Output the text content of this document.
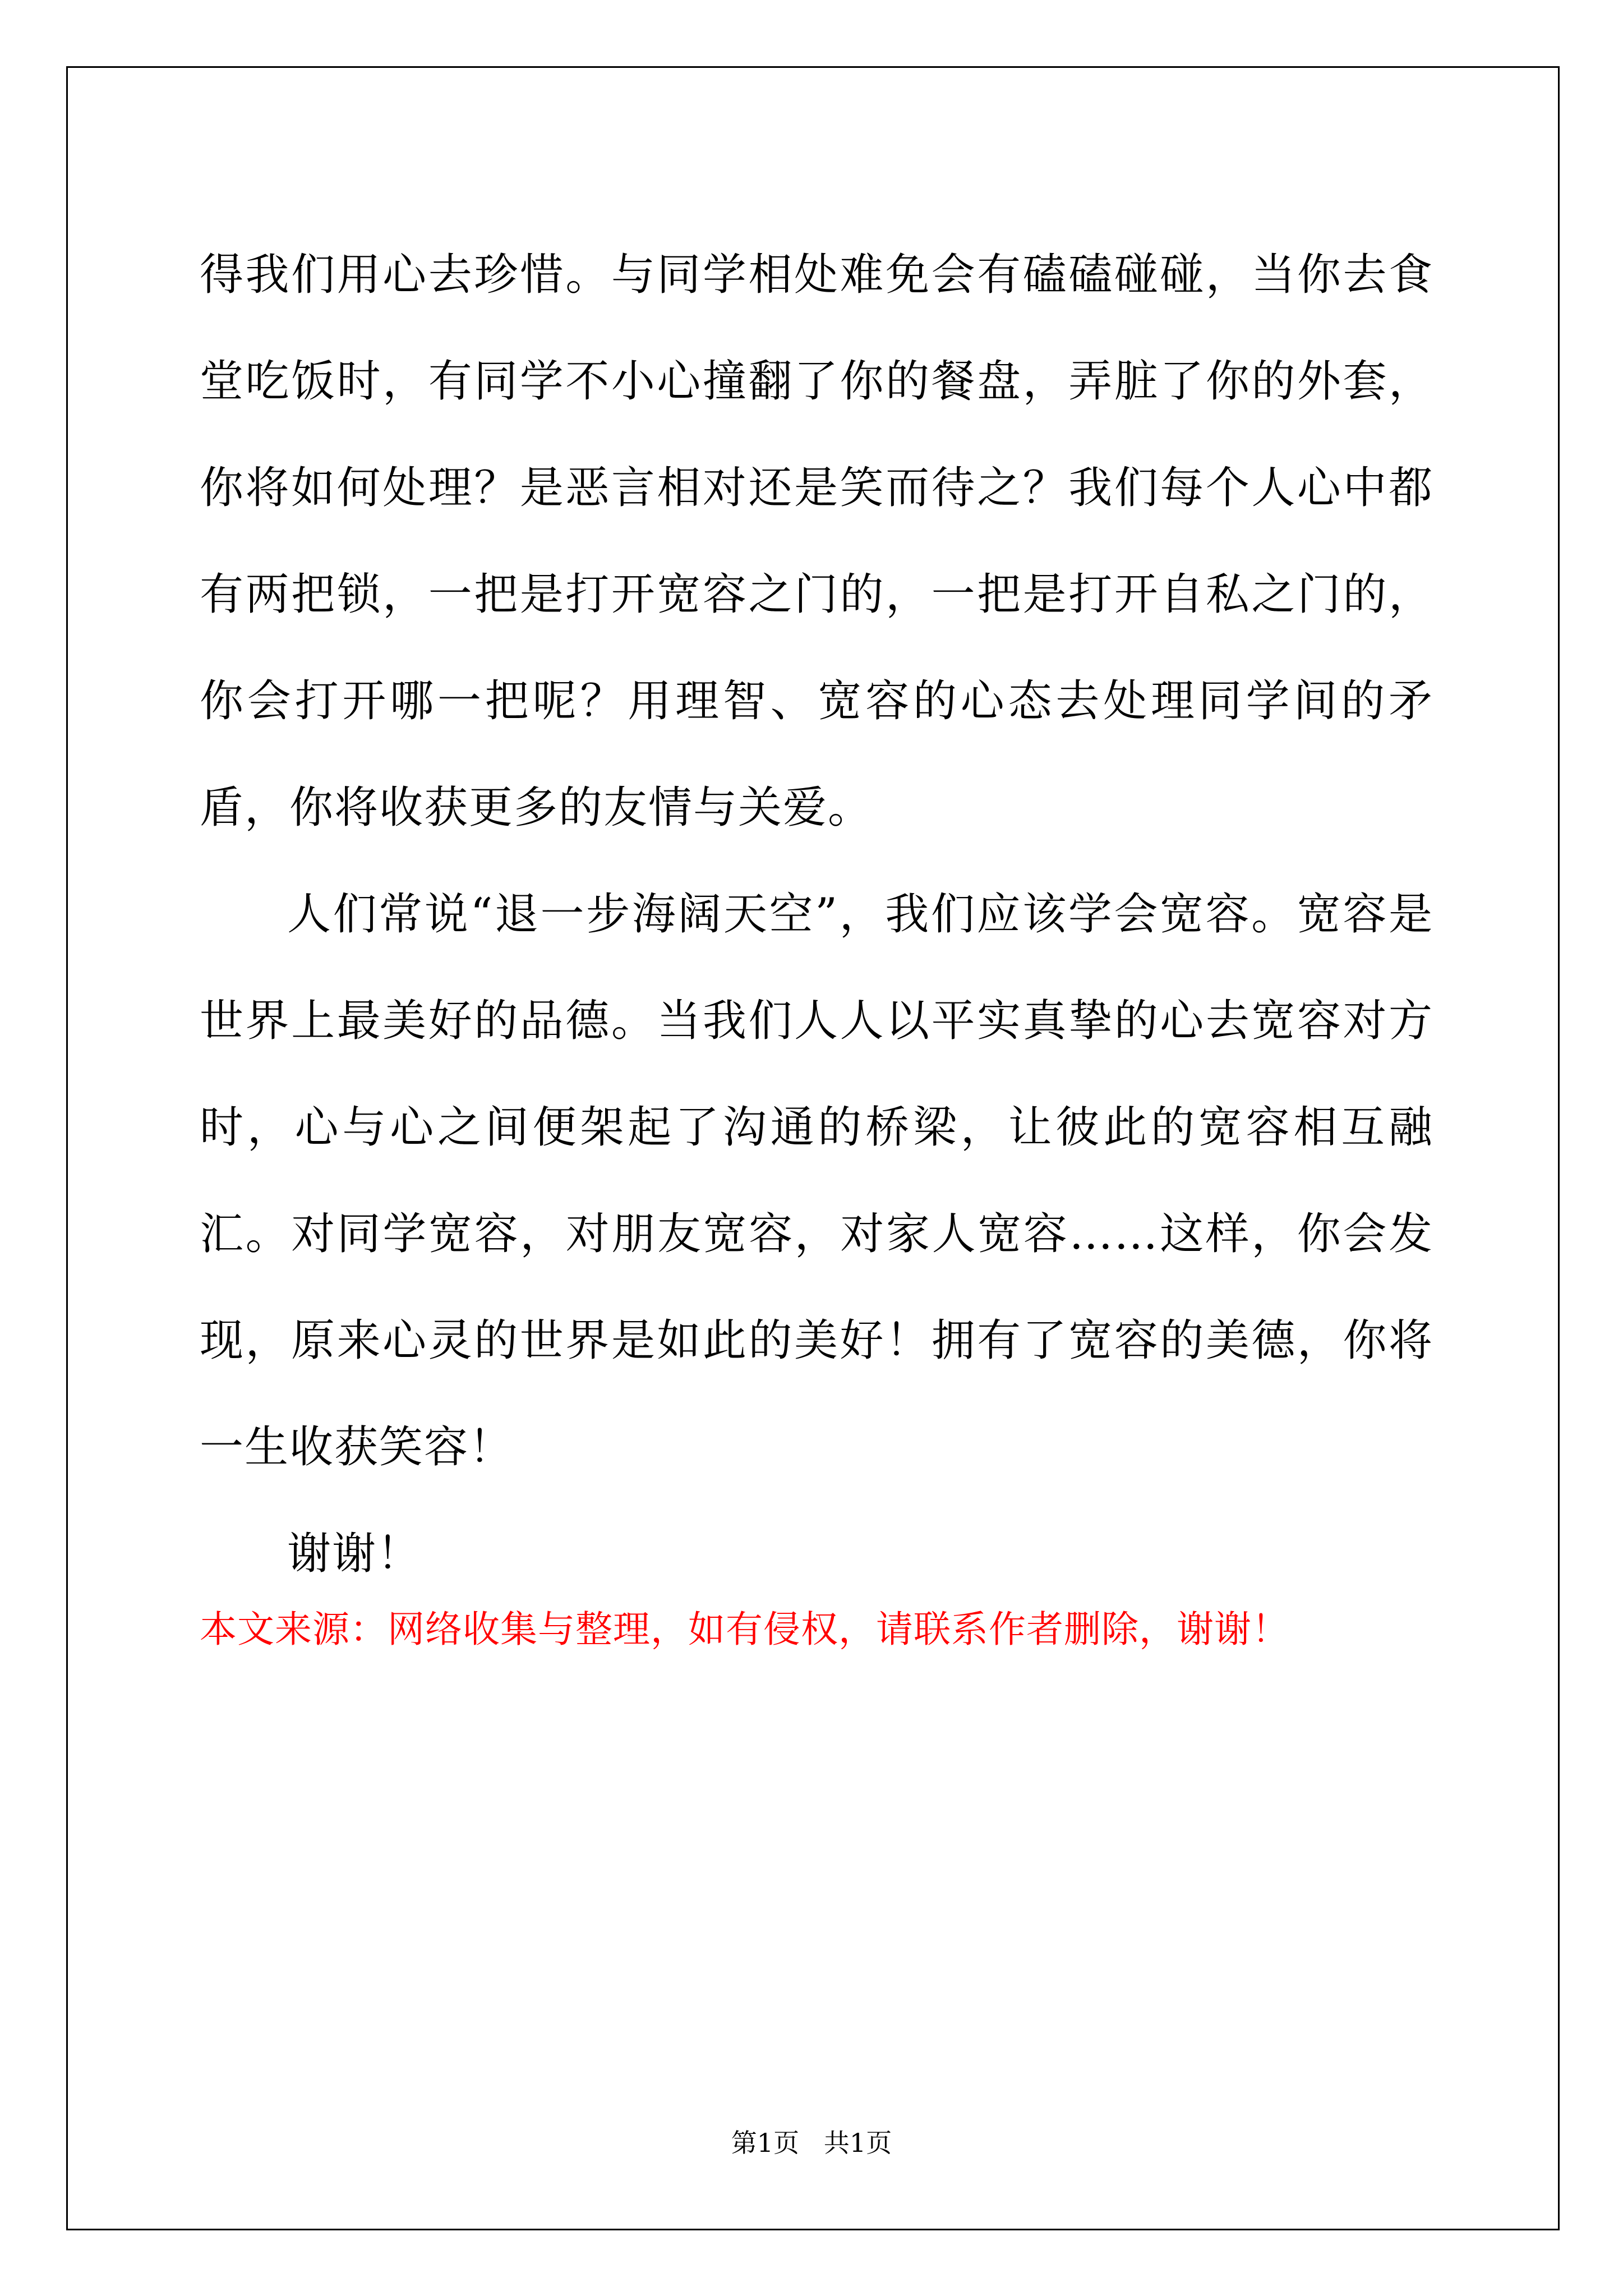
得我们用心去珍惜。与同学相处难免会有磕磕碰碰，当你去食堂吃饭时，有同学不小心撞翻了你的餐盘，弄脏了你的外套，你将如何处理？是恶言相对还是笑而待之？我们每个人心中都有两把锁，一把是打开宽容之门的，一把是打开自私之门的，你会打开哪一把呢？用理智、宽容的心态去处理同学间的矛盾，你将收获更多的友情与关爱。

人们常说“退一步海阔天空”，我们应该学会宽容。宽容是世界上最美好的品德。当我们人人以平实真挚的心去宽容对方时，心与心之间便架起了沟通的桥梁，让彼此的宽容相互融汇。对同学宽容，对朋友宽容，对家人宽容……这样，你会发现，原来心灵的世界是如此的美好！拥有了宽容的美德，你将一生收获笑容！

谢谢！

本文来源：网络收集与整理，如有侵权，请联系作者删除，谢谢！

第1页   共1页
